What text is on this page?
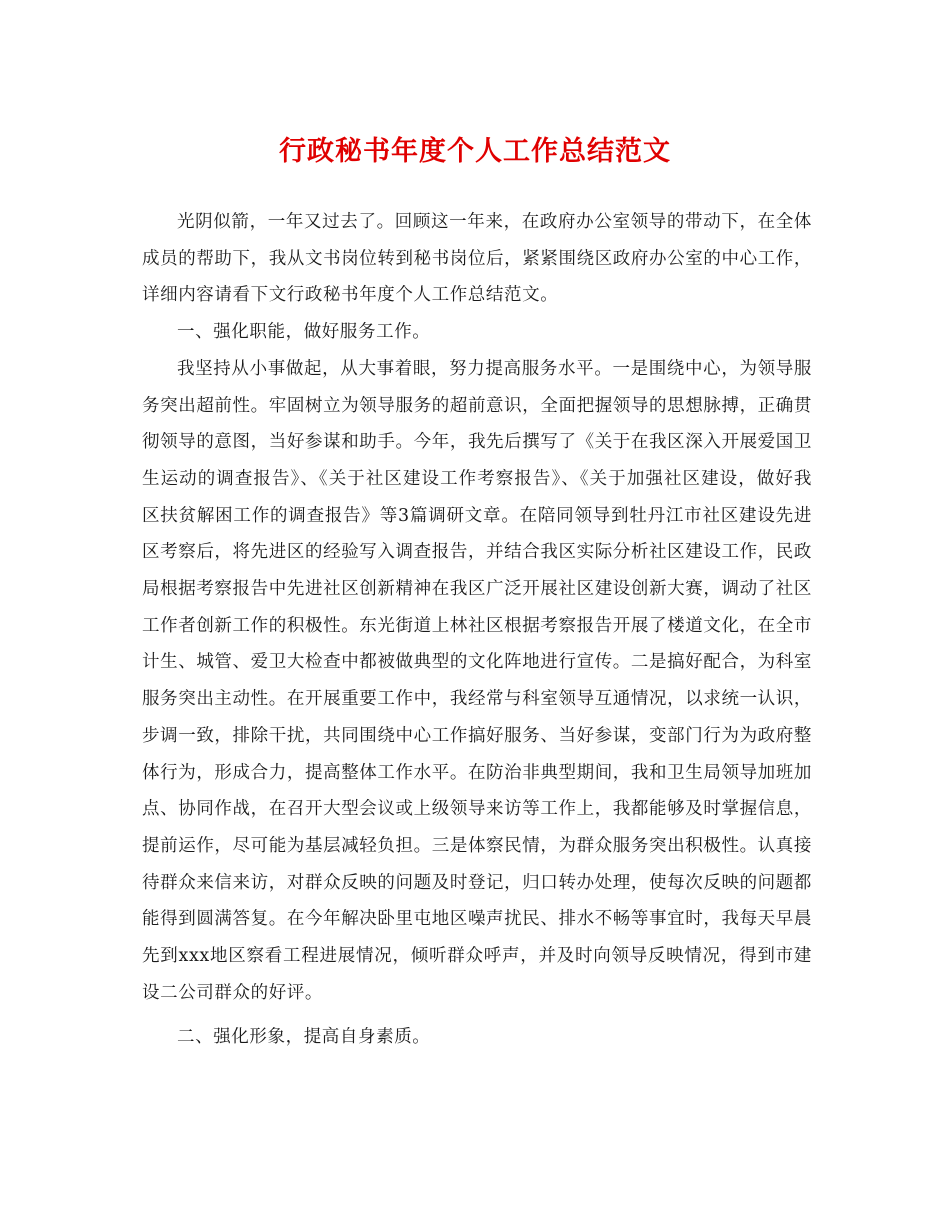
行政秘书年度个人工作总结范文

光阴似箭，一年又过去了。回顾这一年来，在政府办公室领导的带动下，在全体成员的帮助下，我从文书岗位转到秘书岗位后，紧紧围绕区政府办公室的中心工作，详细内容请看下文行政秘书年度个人工作总结范文。

一、强化职能，做好服务工作。

我坚持从小事做起，从大事着眼，努力提高服务水平。一是围绕中心，为领导服务突出超前性。牢固树立为领导服务的超前意识，全面把握领导的思想脉搏，正确贯彻领导的意图，当好参谋和助手。今年，我先后撰写了《关于在我区深入开展爱国卫生运动的调查报告》、《关于社区建设工作考察报告》、《关于加强社区建设，做好我区扶贫解困工作的调查报告》等3篇调研文章。在陪同领导到牡丹江市社区建设先进区考察后，将先进区的经验写入调查报告，并结合我区实际分析社区建设工作，民政局根据考察报告中先进社区创新精神在我区广泛开展社区建设创新大赛，调动了社区工作者创新工作的积极性。东光街道上林社区根据考察报告开展了楼道文化，在全市计生、城管、爱卫大检查中都被做典型的文化阵地进行宣传。二是搞好配合，为科室服务突出主动性。在开展重要工作中，我经常与科室领导互通情况，以求统一认识，步调一致，排除干扰，共同围绕中心工作搞好服务、当好参谋，变部门行为为政府整体行为，形成合力，提高整体工作水平。在防治非典型期间，我和卫生局领导加班加点、协同作战，在召开大型会议或上级领导来访等工作上，我都能够及时掌握信息，提前运作，尽可能为基层减轻负担。三是体察民情，为群众服务突出积极性。认真接待群众来信来访，对群众反映的问题及时登记，归口转办处理，使每次反映的问题都能得到圆满答复。在今年解决卧里屯地区噪声扰民、排水不畅等事宜时，我每天早晨先到xxx地区察看工程进展情况，倾听群众呼声，并及时向领导反映情况，得到市建设二公司群众的好评。

二、强化形象，提高自身素质。
